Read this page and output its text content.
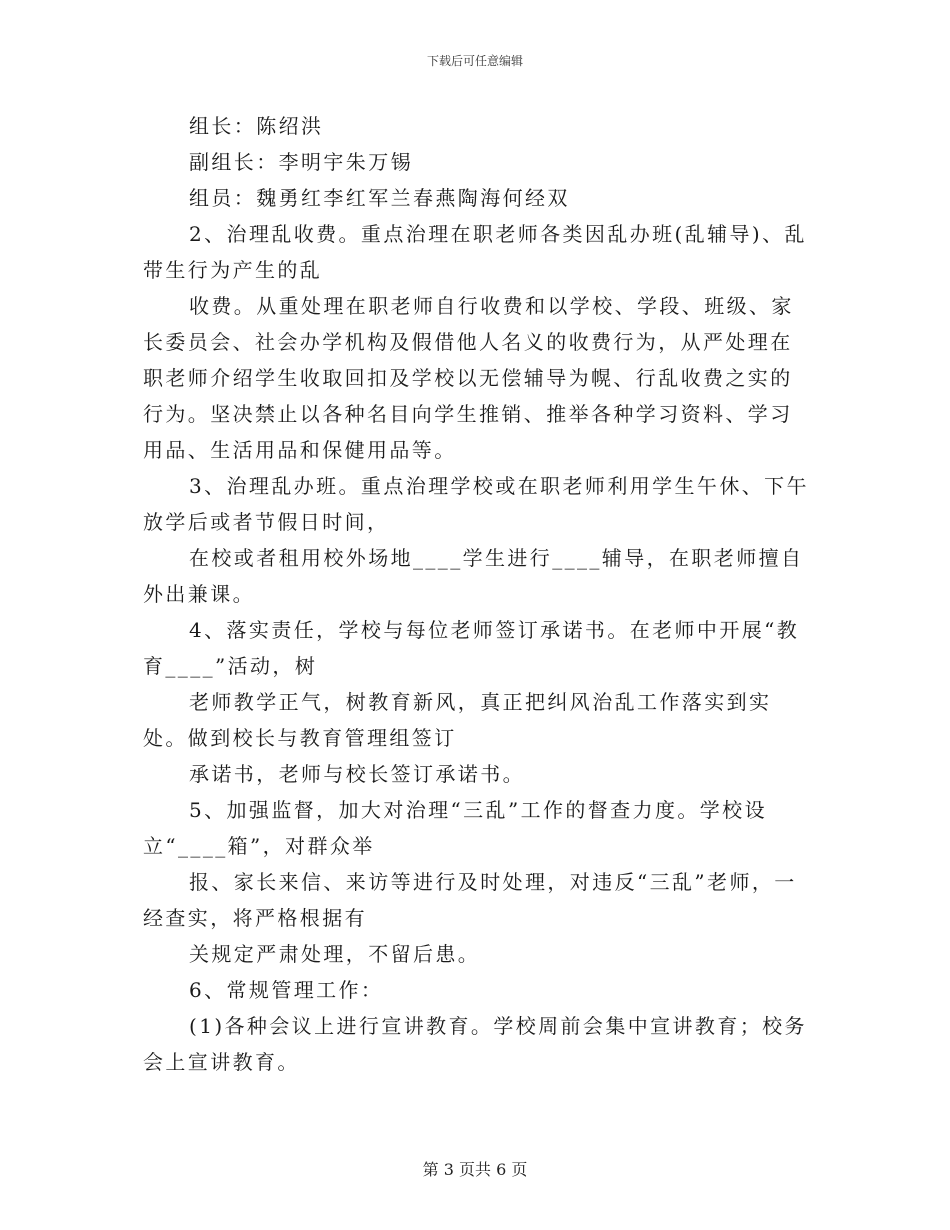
下载后可任意编辑

组长：陈绍洪

副组长：李明宇朱万锡

组员：魏勇红李红军兰春燕陶海何经双

2、治理乱收费。重点治理在职老师各类因乱办班(乱辅导)、乱带生行为产生的乱

收费。从重处理在职老师自行收费和以学校、学段、班级、家长委员会、社会办学机构及假借他人名义的收费行为，从严处理在职老师介绍学生收取回扣及学校以无偿辅导为幌、行乱收费之实的行为。坚决禁止以各种名目向学生推销、推举各种学习资料、学习用品、生活用品和保健用品等。

3、治理乱办班。重点治理学校或在职老师利用学生午休、下午放学后或者节假日时间，

在校或者租用校外场地____学生进行____辅导，在职老师擅自外出兼课。

4、落实责任，学校与每位老师签订承诺书。在老师中开展“教育____”活动，树

老师教学正气，树教育新风，真正把纠风治乱工作落实到实处。做到校长与教育管理组签订

承诺书，老师与校长签订承诺书。

5、加强监督，加大对治理“三乱”工作的督查力度。学校设立“____箱”，对群众举

报、家长来信、来访等进行及时处理，对违反“三乱”老师，一经查实，将严格根据有

关规定严肃处理，不留后患。

6、常规管理工作：

(1)各种会议上进行宣讲教育。学校周前会集中宣讲教育；校务会上宣讲教育。

第 3 页共 6 页
